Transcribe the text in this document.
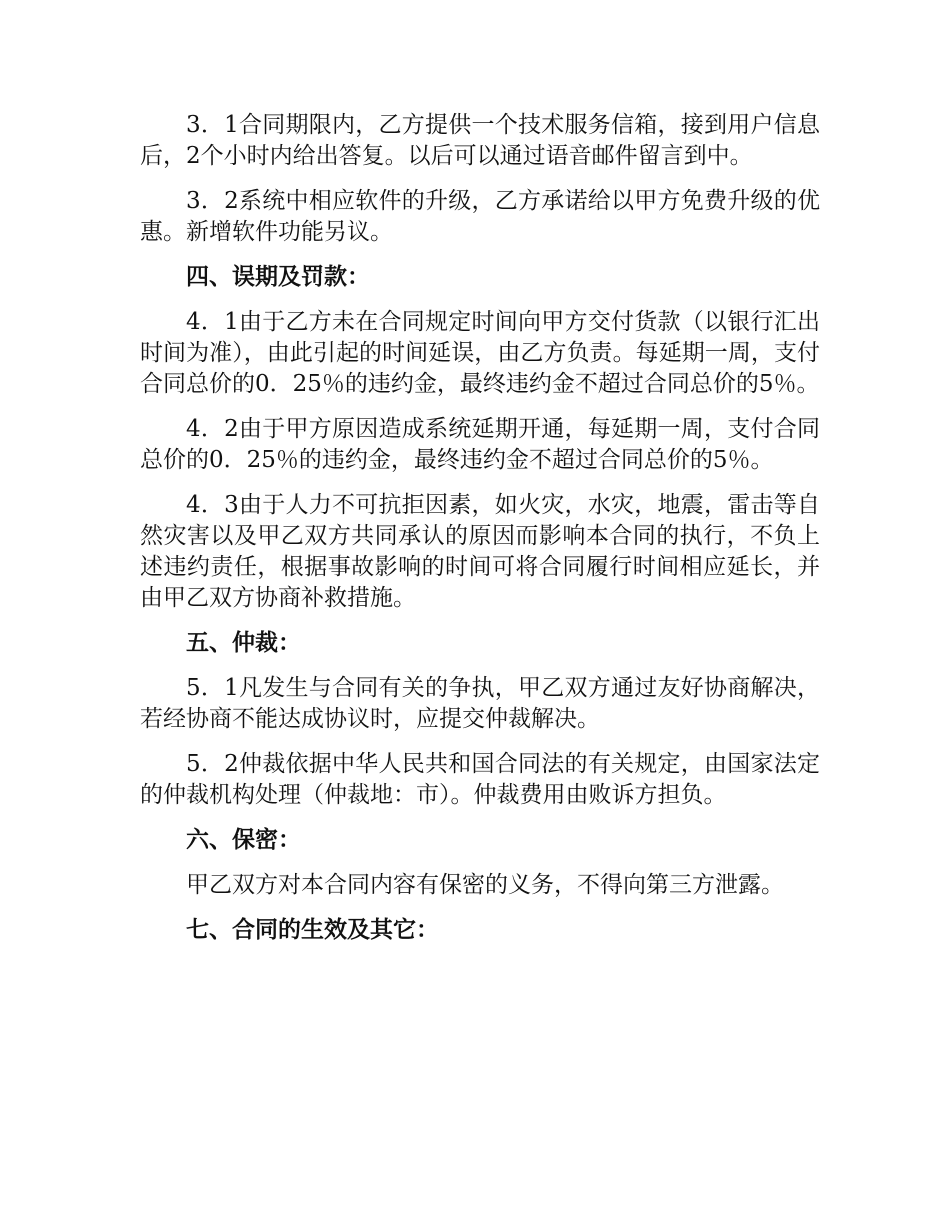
3．1合同期限内，乙方提供一个技术服务信箱，接到用户信息后，2个小时内给出答复。以后可以通过语音邮件留言到中。

3．2系统中相应软件的升级，乙方承诺给以甲方免费升级的优惠。新增软件功能另议。

四、误期及罚款：

4．1由于乙方未在合同规定时间向甲方交付货款（以银行汇出时间为准），由此引起的时间延误，由乙方负责。每延期一周，支付合同总价的0．25％的违约金，最终违约金不超过合同总价的5％。

4．2由于甲方原因造成系统延期开通，每延期一周，支付合同总价的0．25％的违约金，最终违约金不超过合同总价的5％。

4．3由于人力不可抗拒因素，如火灾，水灾，地震，雷击等自然灾害以及甲乙双方共同承认的原因而影响本合同的执行，不负上述违约责任，根据事故影响的时间可将合同履行时间相应延长，并由甲乙双方协商补救措施。

五、仲裁：

5．1凡发生与合同有关的争执，甲乙双方通过友好协商解决，若经协商不能达成协议时，应提交仲裁解决。

5．2仲裁依据中华人民共和国合同法的有关规定，由国家法定的仲裁机构处理（仲裁地：市）。仲裁费用由败诉方担负。

六、保密：

甲乙双方对本合同内容有保密的义务，不得向第三方泄露。

七、合同的生效及其它：
